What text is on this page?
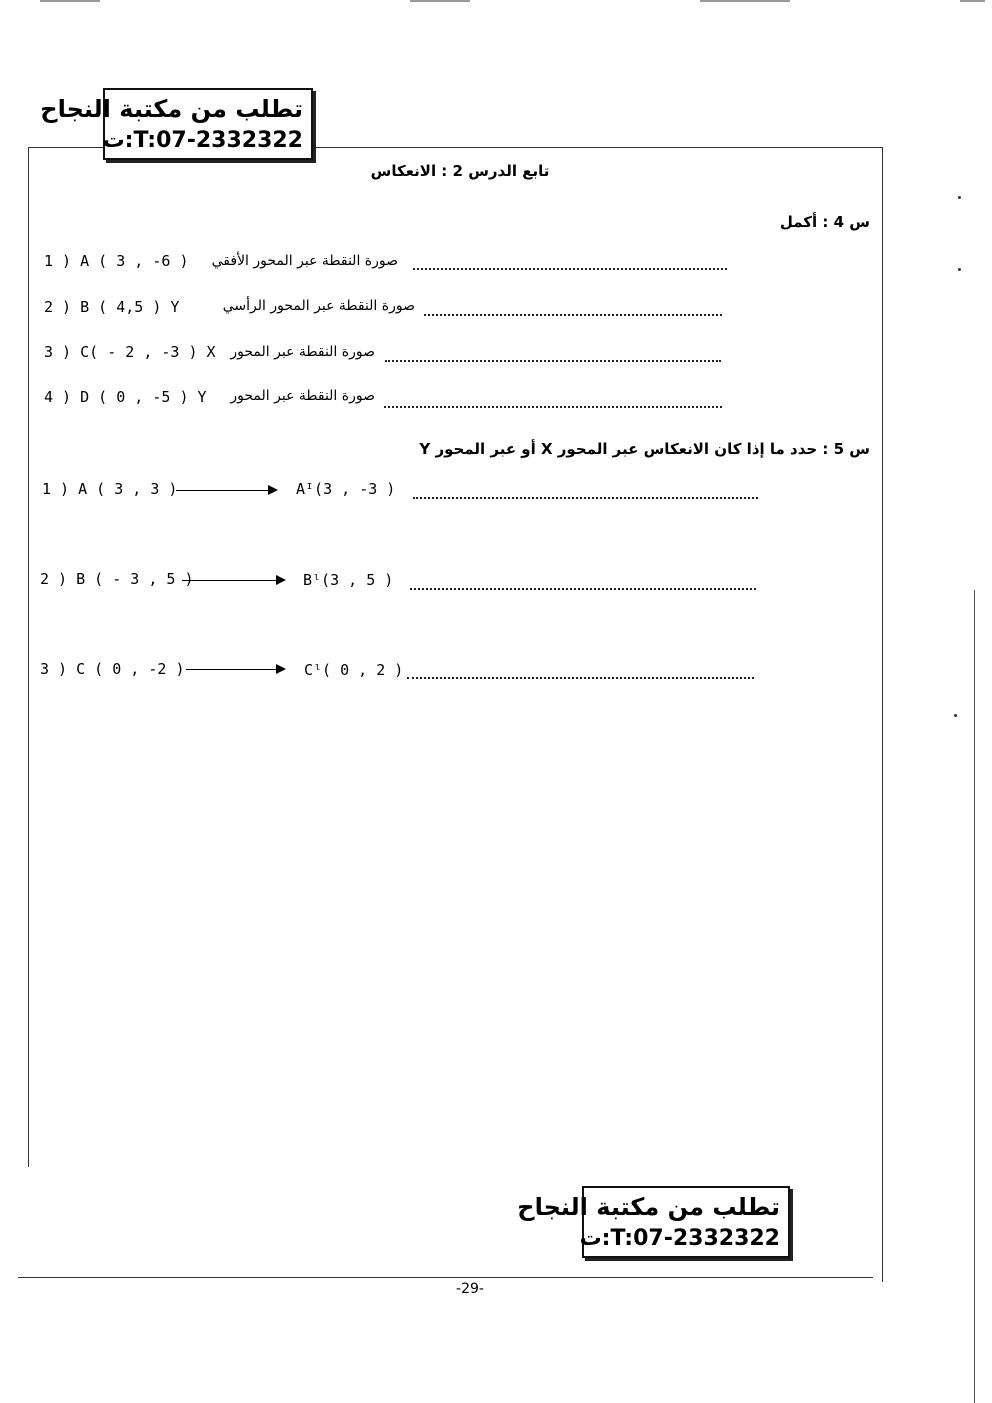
تطلب من مكتبة النجاح
T:07-2332322:ت
تطلب من مكتبة النجاح
T:07-2332322:ت
تابع الدرس 2 : الانعكاس
س 4 : أكمل
1 ) A ( 3 , -6 )	صورة النقطة عبر المحور الأفقي
2 ) B ( 4,5 ) Y	صورة النقطة عبر المحور الرأسي
3 ) C( - 2 , -3 ) X	صورة النقطة عبر المحور
4 ) D ( 0 , -5 ) Y	صورة النقطة عبر المحور
س 5 : حدد ما إذا كان الانعكاس عبر المحور X أو عبر المحور Y
1 ) A ( 3 , 3 )	Aᴵ(3 , -3 )
2 ) B ( - 3 , 5 )	Bˡ(3 , 5 )
3 ) C ( 0 , -2 )	Cˡ( 0 , 2 )
-29-
